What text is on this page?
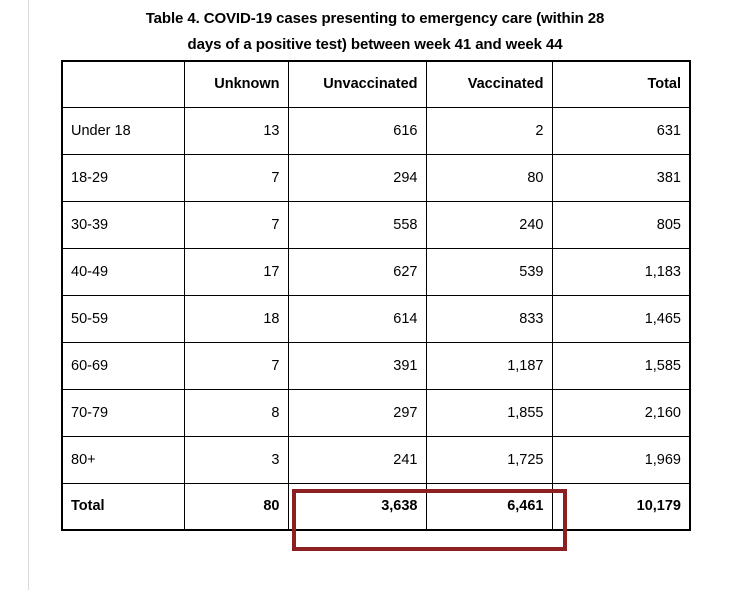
Table 4. COVID-19 cases presenting to emergency care (within 28
days of a positive test) between week 41 and week 44
	Unknown	Unvaccinated	Vaccinated	Total
Under 18	13	616	2	631
18-29	7	294	80	381
30-39	7	558	240	805
40-49	17	627	539	1,183
50-59	18	614	833	1,465
60-69	7	391	1,187	1,585
70-79	8	297	1,855	2,160
80+	3	241	1,725	1,969
Total	80	3,638	6,461	10,179
